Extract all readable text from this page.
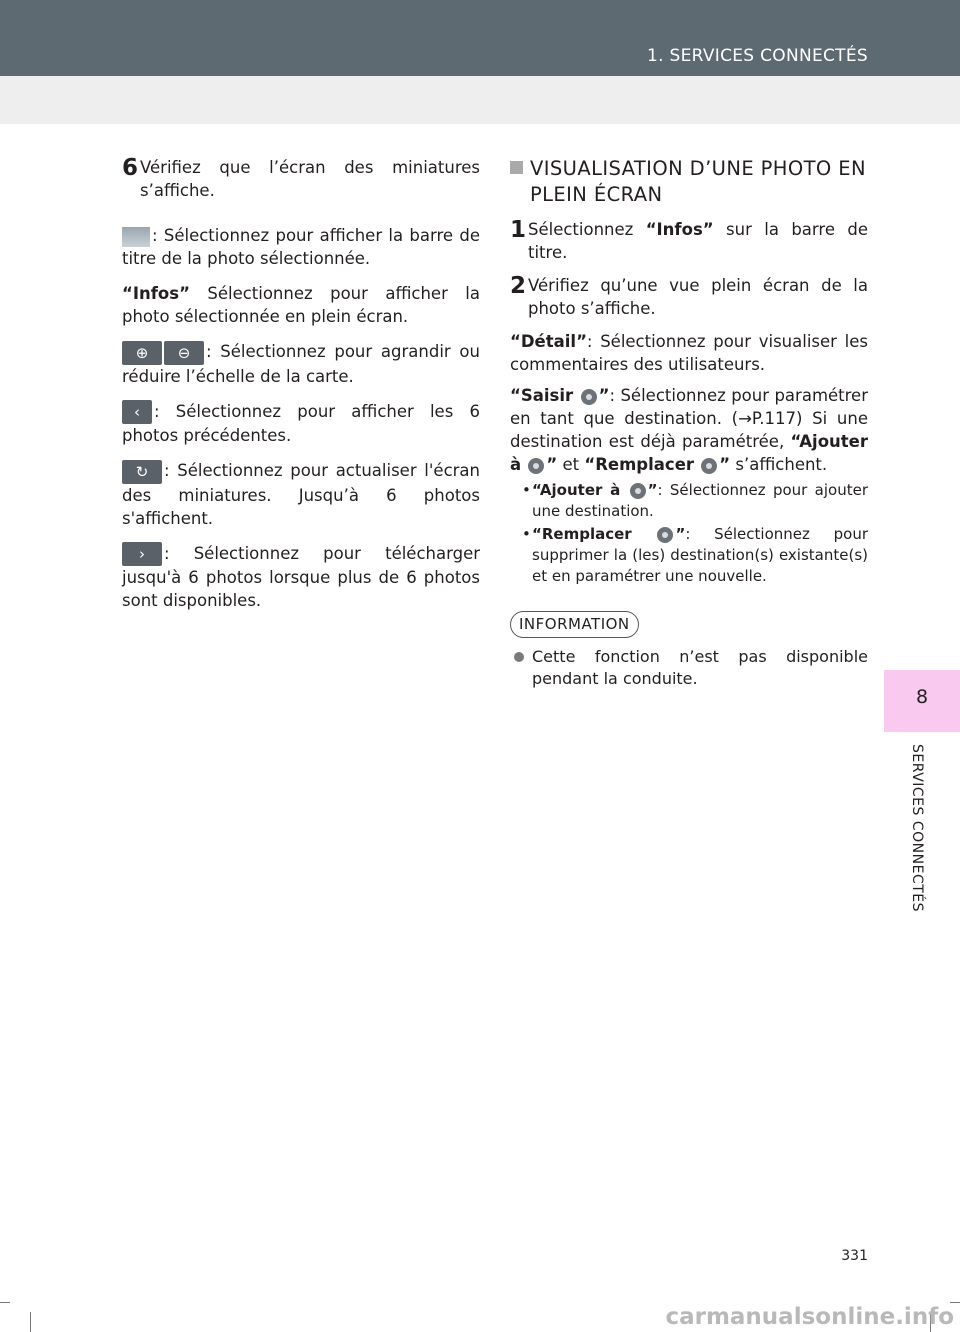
1. SERVICES CONNECTÉS
8
SERVICES CONNECTÉS
6 Vérifiez que l’écran des miniatures s’affiche.

: Sélectionnez pour afficher la barre de titre de la photo sélectionnée.

“Infos” Sélectionnez pour afficher la photo sélectionnée en plein écran.

⊕ ⊖ : Sélectionnez pour agrandir ou réduire l’échelle de la carte.

‹ : Sélectionnez pour afficher les 6 photos précédentes.

↻ : Sélectionnez pour actualiser l'écran des miniatures. Jusqu’à 6 photos s'affichent.

› : Sélectionnez pour télécharger jusqu'à 6 photos lorsque plus de 6 photos sont disponibles.

VISUALISATION D’UNE PHOTO EN PLEIN ÉCRAN
1 Sélectionnez “Infos” sur la barre de titre.
2 Vérifiez qu’une vue plein écran de la photo s’affiche.

“Détail”: Sélectionnez pour visualiser les commentaires des utilisateurs.

“Saisir ”: Sélectionnez pour paramétrer en tant que destination. (→P.117) Si une destination est déjà paramétrée, “Ajouter à ” et “Remplacer ” s’affichent.

• “Ajouter à ”: Sélectionnez pour ajouter une destination.
• “Remplacer	”: Sélectionnez pour supprimer la (les) destination(s) existante(s) et en paramétrer une nouvelle.
INFORMATION
Cette fonction n’est pas disponible pendant la conduite.
331
carmanualsonline.info
